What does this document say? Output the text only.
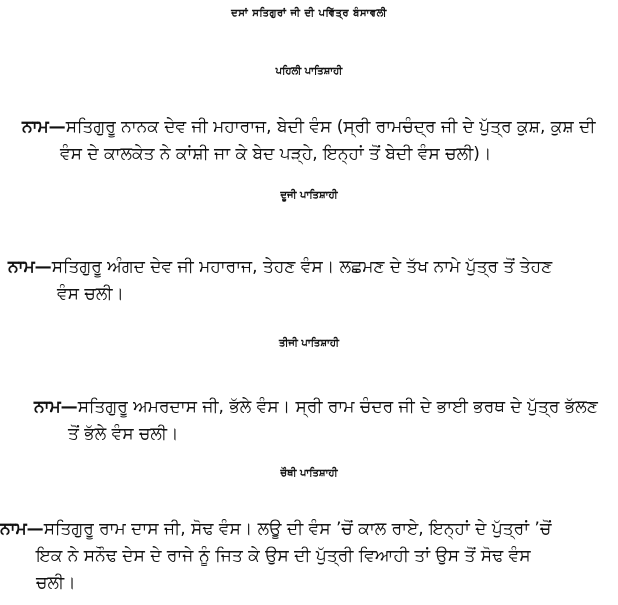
ਦਸਾਂ ਸਤਿਗੁਰਾਂ ਜੀ ਦੀ ਪਵਿੱਤ੍ਰ ਬੰਸਾਵਲੀ
ਪਹਿਲੀ ਪਾਤਿਸ਼ਾਹੀ
ਨਾਮ—ਸਤਿਗੁਰੂ ਨਾਨਕ ਦੇਵ ਜੀ ਮਹਾਰਾਜ, ਬੇਦੀ ਵੰਸ (ਸ੍ਰੀ ਰਾਮਚੰਦ੍ਰ ਜੀ ਦੇ ਪੁੱਤ੍ਰ ਕੁਸ਼, ਕੁਸ਼ ਦੀ
ਵੰਸ ਦੇ ਕਾਲਕੇਤ ਨੇ ਕਾਂਸ਼ੀ ਜਾ ਕੇ ਬੇਦ ਪੜ੍ਹੇ, ਇਨ੍ਹਾਂ ਤੋਂ ਬੇਦੀ ਵੰਸ ਚਲੀ)।
ਦੂਜੀ ਪਾਤਿਸ਼ਾਹੀ
ਨਾਮ—ਸਤਿਗੁਰੂ ਅੰਗਦ ਦੇਵ ਜੀ ਮਹਾਰਾਜ, ਤੇਹਣ ਵੰਸ। ਲਛਮਣ ਦੇ ਤੱਖ ਨਾਮੇ ਪੁੱਤ੍ਰ ਤੋਂ ਤੇਹਣ
ਵੰਸ ਚਲੀ।
ਤੀਜੀ ਪਾਤਿਸ਼ਾਹੀ
ਨਾਮ—ਸਤਿਗੁਰੂ ਅਮਰਦਾਸ ਜੀ, ਭੱਲੇ ਵੰਸ। ਸ੍ਰੀ ਰਾਮ ਚੰਦਰ ਜੀ ਦੇ ਭਾਈ ਭਰਥ ਦੇ ਪੁੱਤ੍ਰ ਭੱਲਣ
ਤੋਂ ਭੱਲੇ ਵੰਸ ਚਲੀ।
ਚੌਥੀ ਪਾਤਿਸ਼ਾਹੀ
ਨਾਮ—ਸਤਿਗੁਰੂ ਰਾਮ ਦਾਸ ਜੀ, ਸੋਢ ਵੰਸ। ਲਊ ਦੀ ਵੰਸ ’ਚੋਂ ਕਾਲ ਰਾਏ, ਇਨ੍ਹਾਂ ਦੇ ਪੁੱਤ੍ਰਾਂ ’ਚੋਂ
ਇਕ ਨੇ ਸਨੌਢ ਦੇਸ ਦੇ ਰਾਜੇ ਨੂੰ ਜਿਤ ਕੇ ਉਸ ਦੀ ਪੁੱਤ੍ਰੀ ਵਿਆਹੀ ਤਾਂ ਉਸ ਤੋਂ ਸੋਢ ਵੰਸ
ਚਲੀ।
